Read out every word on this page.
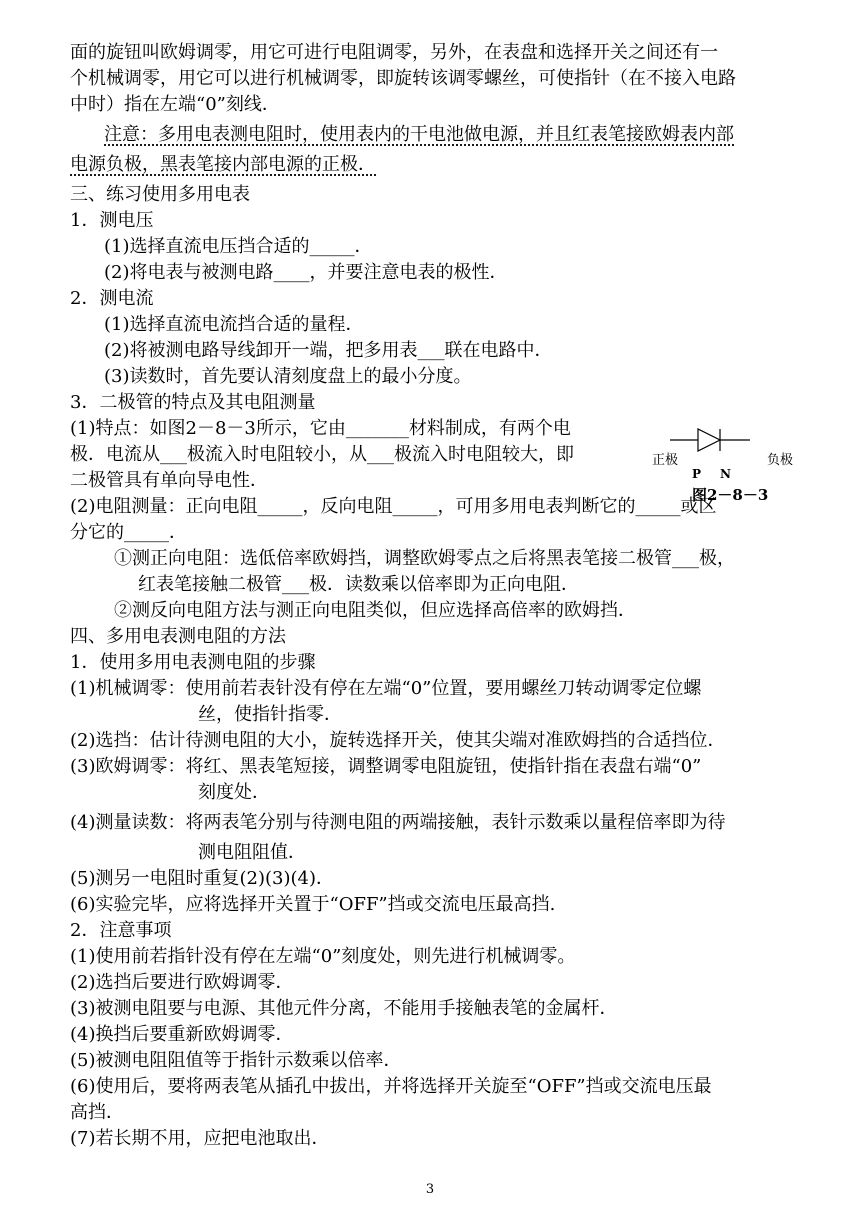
面的旋钮叫欧姆调零，用它可进行电阻调零，另外，在表盘和选择开关之间还有一
个机械调零，用它可以进行机械调零，即旋转该调零螺丝，可使指针（在不接入电路
中时）指在左端“0”刻线．
注意：多用电表测电阻时，使用表内的干电池做电源，并且红表笔接欧姆表内部
电源负极，黑表笔接内部电源的正极．
三、练习使用多用电表
1．测电压
(1)选择直流电压挡合适的_____．
(2)将电表与被测电路____，并要注意电表的极性．
2．测电流
(1)选择直流电流挡合适的量程．
(2)将被测电路导线卸开一端，把多用表___联在电路中．
(3)读数时，首先要认清刻度盘上的最小分度。
3．二极管的特点及其电阻测量
(1)特点：如图2－8－3所示，它由_______材料制成，有两个电
极．电流从___极流入时电阻较小，从___极流入时电阻较大，即
二极管具有单向导电性．
(2)电阻测量：正向电阻_____，反向电阻_____，可用多用电表判断它的_____或区
分它的_____．
①测正向电阻：选低倍率欧姆挡，调整欧姆零点之后将黑表笔接二极管___极，
红表笔接触二极管___极．读数乘以倍率即为正向电阻．
②测反向电阻方法与测正向电阻类似，但应选择高倍率的欧姆挡．
四、多用电表测电阻的方法
1．使用多用电表测电阻的步骤
(1)机械调零：使用前若表针没有停在左端“0”位置，要用螺丝刀转动调零定位螺
丝，使指针指零．
(2)选挡：估计待测电阻的大小，旋转选择开关，使其尖端对准欧姆挡的合适挡位．
(3)欧姆调零：将红、黑表笔短接，调整调零电阻旋钮，使指针指在表盘右端“0”
刻度处．
(4)测量读数：将两表笔分别与待测电阻的两端接触，表针示数乘以量程倍率即为待
测电阻阻值．
(5)测另一电阻时重复(2)(3)(4)．
(6)实验完毕，应将选择开关置于“OFF”挡或交流电压最高挡.
2．注意事项
(1)使用前若指针没有停在左端“0”刻度处，则先进行机械调零。
(2)选挡后要进行欧姆调零．
(3)被测电阻要与电源、其他元件分离，不能用手接触表笔的金属杆．
(4)换挡后要重新欧姆调零．
(5)被测电阻阻值等于指针示数乘以倍率．
(6)使用后，要将两表笔从插孔中拔出，并将选择开关旋至“OFF”挡或交流电压最
高挡．
(7)若长期不用，应把电池取出．
正极	负极
P N
图2－8－3
3
